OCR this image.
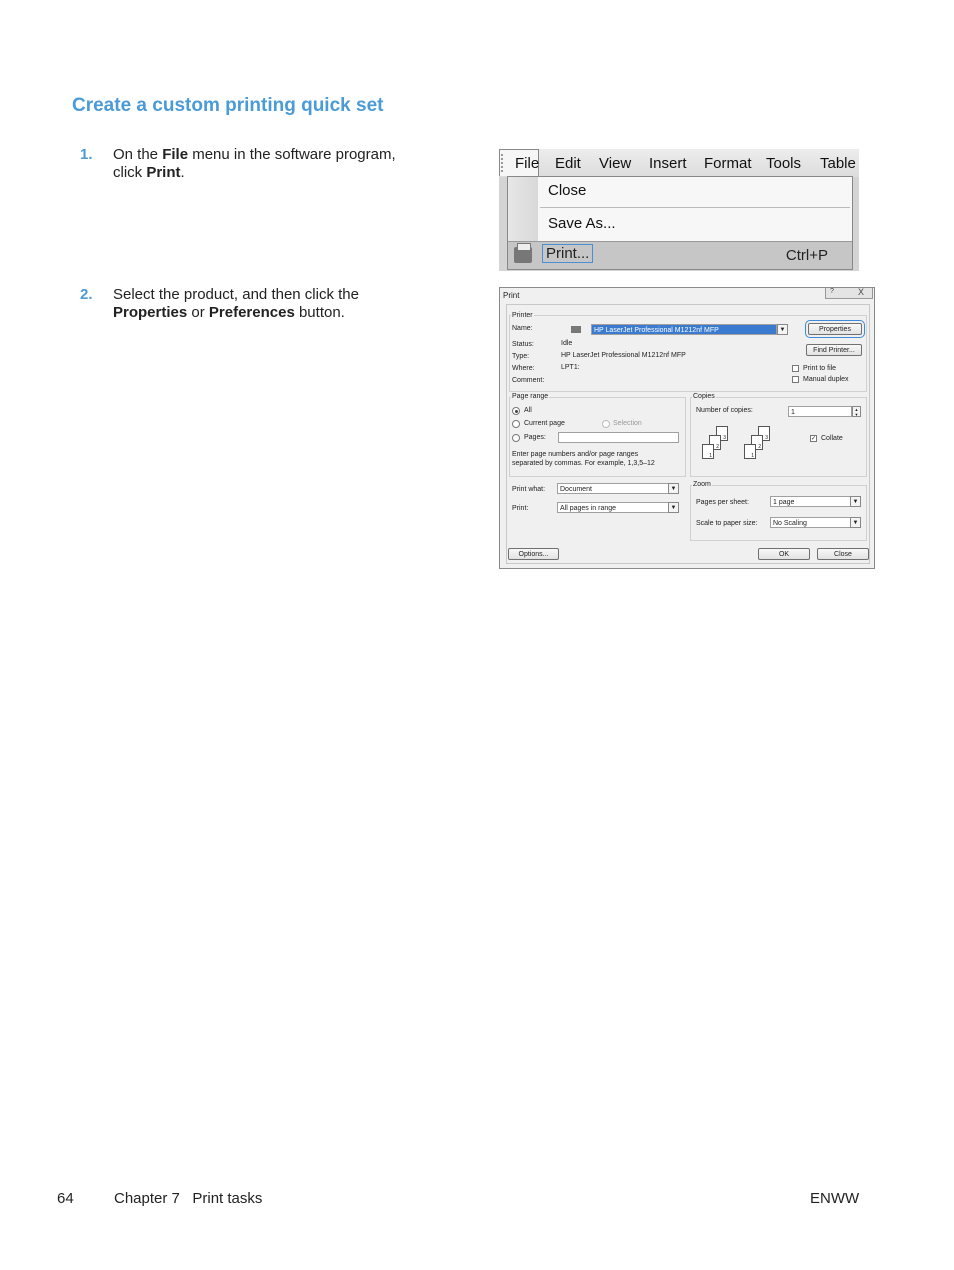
Create a custom printing quick set
1. On the File menu in the software program,
click Print.
2. Select the product, and then click the
Properties or Preferences button.
File Edit View Insert Format Tools Table
Close
Save As...
Print...	Ctrl+P
Print	?	X
Printer
Name:	HP LaserJet Professional M1212nf MFP	▼	Properties
Status:	Idle
Type:	HP LaserJet Professional M1212nf MFP
Where:	LPT1:
Comment:
Find Printer...
Print to file
Manual duplex
Page range
All
Current page	Selection
Pages:
Enter page numbers and/or page ranges
separated by commas. For example, 1,3,5–12
Copies
Number of copies:	1	▲
▼
3
2
1
3
2
1
✓ Collate
Print what:	Document	▼
Print:	All pages in range	▼
Zoom
Pages per sheet:	1 page	▼
Scale to paper size:	No Scaling	▼
Options...	OK	Close
64	Chapter 7   Print tasks	ENWW
